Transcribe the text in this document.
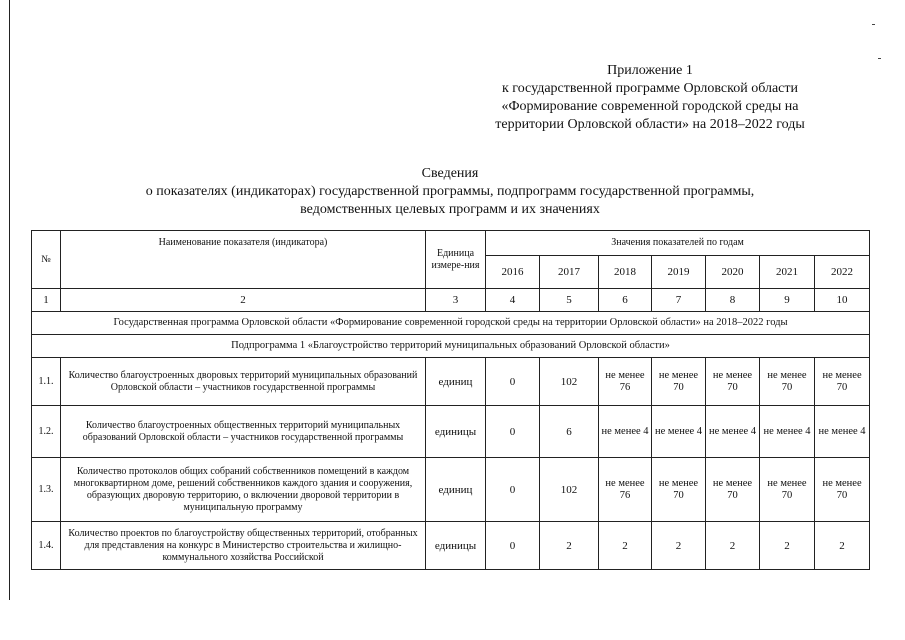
Приложение 1
к государственной программе Орловской области
«Формирование современной городской среды на
территории Орловской области» на 2018–2022 годы
Сведения
о показателях (индикаторах) государственной программы, подпрограмм государственной программы,
ведомственных целевых программ и их значениях
№	Наименование показателя (индикатора)	Единица измере-ния	Значения показателей по годам						
			2016	2017	2018	2019	2020	2021	2022
1	2	3	4	5	6	7	8	9	10
Государственная программа Орловской области «Формирование современной городской среды на территории Орловской области» на 2018–2022 годы									
Подпрограмма 1 «Благоустройство территорий муниципальных образований Орловской области»									
1.1.	Количество благоустроенных дворовых территорий муниципальных образований Орловской области – участников государственной программы	единиц	0	102	не менее 76	не менее 70	не менее 70	не менее 70	не менее 70
1.2.	Количество благоустроенных общественных территорий муниципальных образований Орловской области – участников государственной программы	единицы	0	6	не менее 4	не менее 4	не менее 4	не менее 4	не менее 4
1.3.	Количество протоколов общих собраний собственников помещений в каждом многоквартирном доме, решений собственников каждого здания и сооружения, образующих дворовую территорию, о включении дворовой территории в муниципальную программу	единиц	0	102	не менее 76	не менее 70	не менее 70	не менее 70	не менее 70
1.4.	Количество проектов по благоустройству общественных территорий, отобранных для представления на конкурс в Министерство строительства и жилищно-коммунального хозяйства Российской	единицы	0	2	2	2	2	2	2
